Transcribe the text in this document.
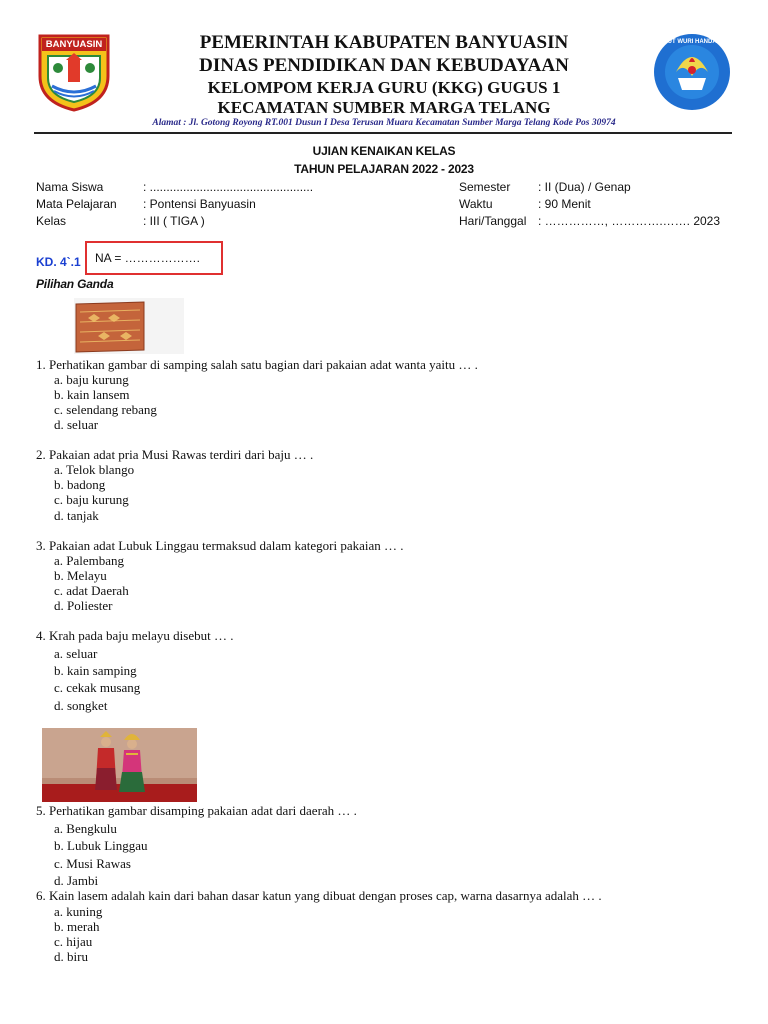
BANYUASIN	TUT WURI HANDAYANI
PEMERINTAH KABUPATEN BANYUASIN
DINAS PENDIDIKAN DAN KEBUDAYAAN
KELOMPOM KERJA GURU (KKG) GUGUS 1
KECAMATAN SUMBER MARGA TELANG
Alamat : Jl. Gotong Royong RT.001 Dusun I Desa Terusan Muara Kecamatan Sumber Marga Telang Kode Pos 30974
UJIAN KENAIKAN KELAS
TAHUN PELAJARAN 2022 - 2023
Nama Siswa	: .................................................
Mata Pelajaran : Pontensi Banyuasin
Kelas	: III ( TIGA )
Semester : II (Dua) / Genap
Waktu	: 90 Menit
Hari/Tanggal : ……………, ………….……. 2023
KD. 4`.1 NA = ……………….
Pilihan Ganda
1. Perhatikan gambar di samping salah satu bagian dari pakaian adat wanta yaitu … .
a. baju kurung
b. kain lansem
c. selendang rebang
d. seluar
2. Pakaian adat pria Musi Rawas terdiri dari baju … .
a. Telok blango
b. badong
c. baju kurung
d. tanjak
3. Pakaian adat Lubuk Linggau termaksud dalam kategori pakaian … .
a. Palembang
b. Melayu
c. adat Daerah
d. Poliester
4. Krah pada baju melayu disebut … .
a. seluar
b. kain samping
c. cekak musang
d. songket
5. Perhatikan gambar disamping pakaian adat dari daerah … .
a. Bengkulu
b. Lubuk Linggau
c. Musi Rawas
d. Jambi
6. Kain lasem adalah kain dari bahan dasar katun yang dibuat dengan proses cap, warna dasarnya adalah … .
a. kuning
b. merah
c. hijau
d. biru
